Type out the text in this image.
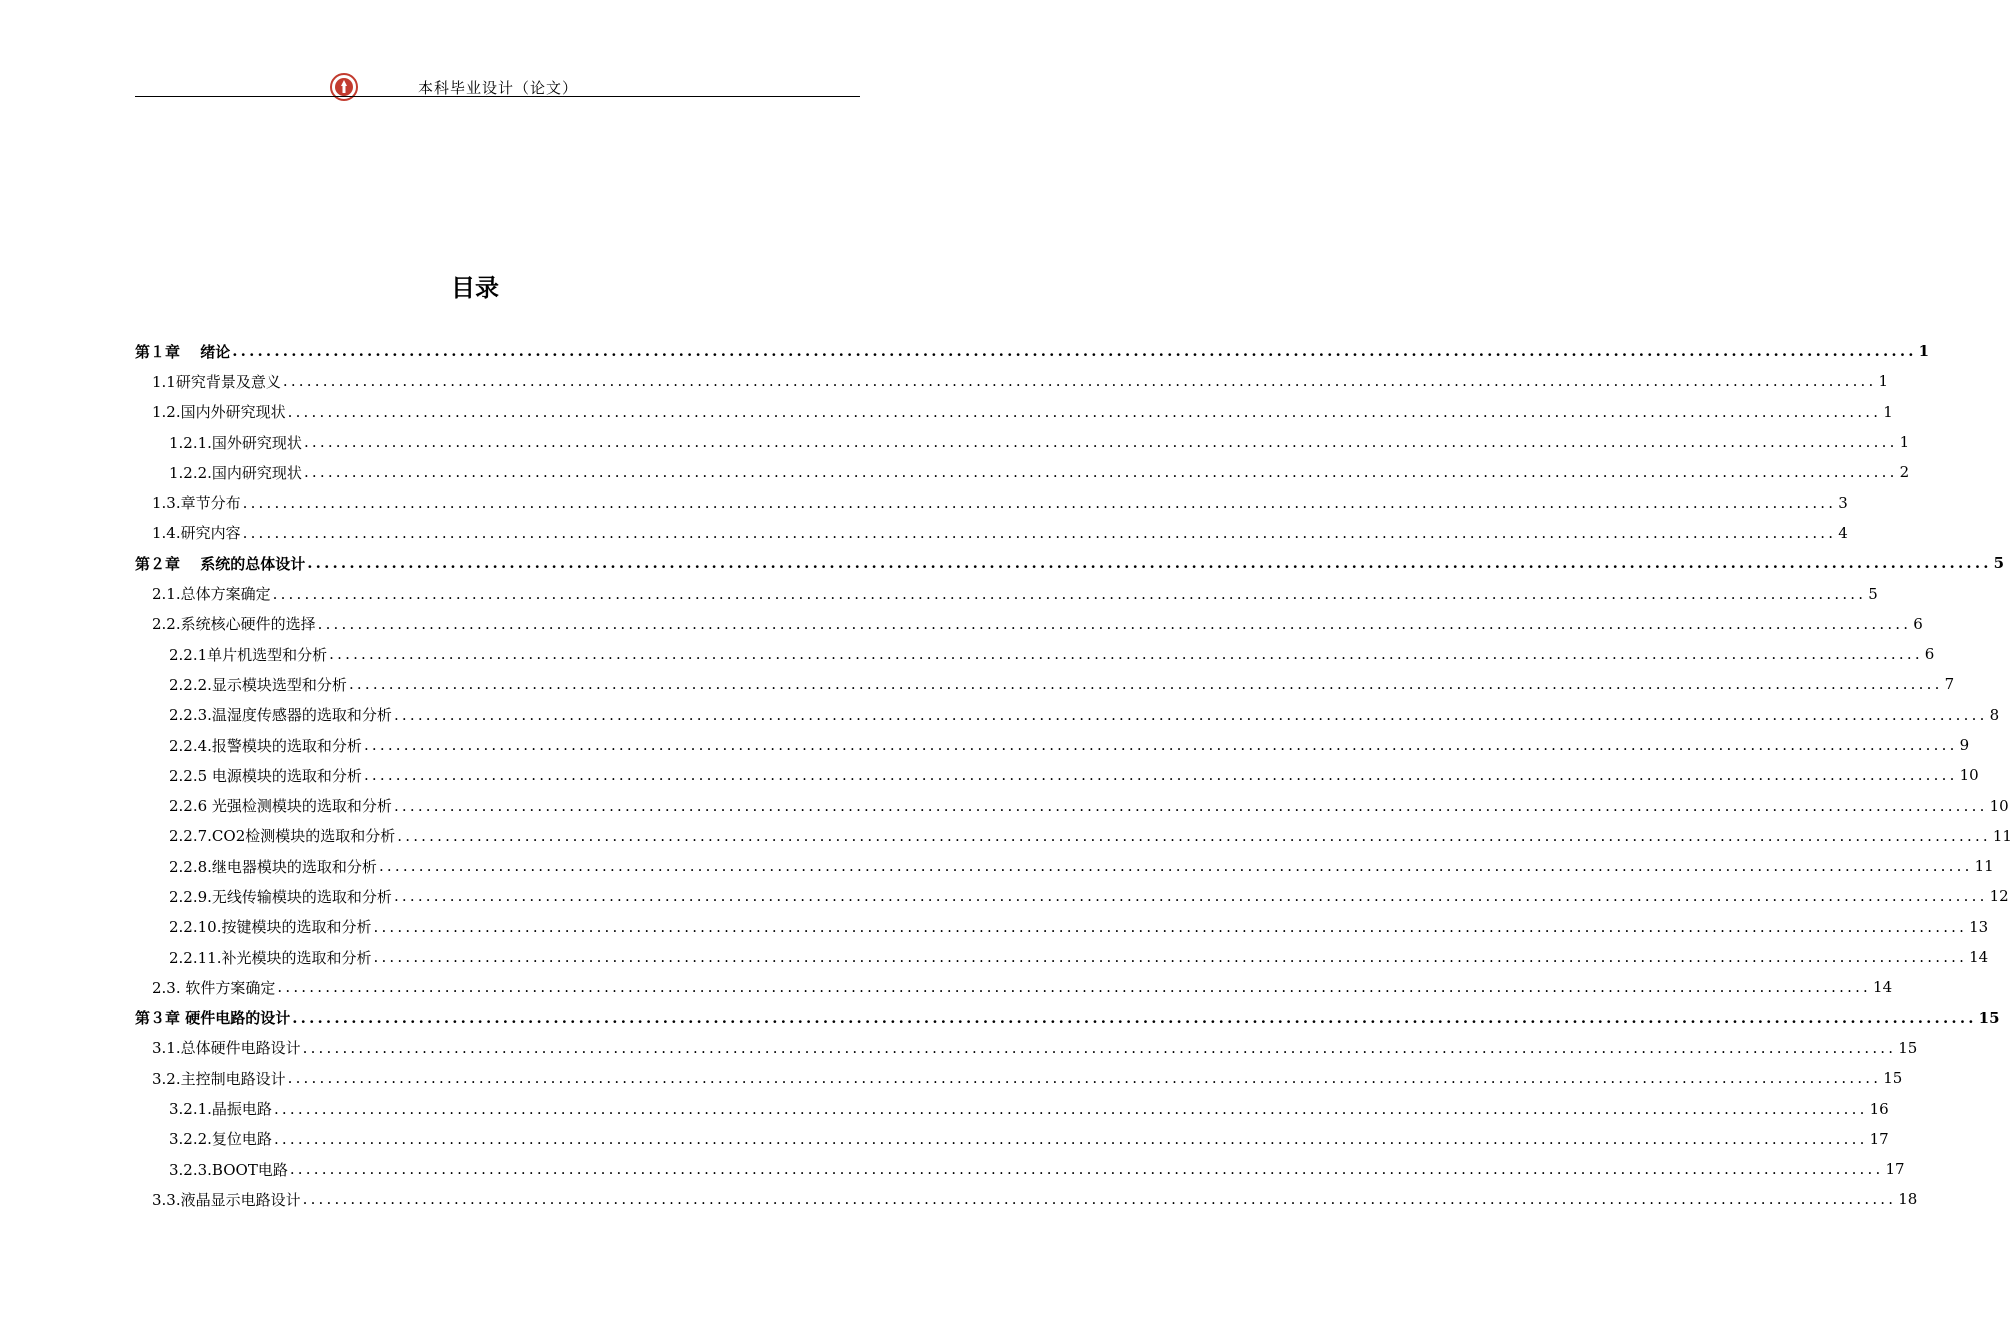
本科毕业设计（论文）
目录
第１章　 绪论 ........................................................................................................................................................................................................ 1
1.1研究背景及意义 ........................................................................................................................................................................................................ 1
1.2.国内外研究现状 ........................................................................................................................................................................................................ 1
1.2.1.国外研究现状 ........................................................................................................................................................................................................ 1
1.2.2.国内研究现状 ........................................................................................................................................................................................................ 2
1.3.章节分布 ........................................................................................................................................................................................................ 3
1.4.研究内容 ........................................................................................................................................................................................................ 4
第２章　 系统的总体设计 ........................................................................................................................................................................................................ 5
2.1.总体方案确定 ........................................................................................................................................................................................................ 5
2.2.系统核心硬件的选择 ........................................................................................................................................................................................................ 6
2.2.1单片机选型和分析 ........................................................................................................................................................................................................ 6
2.2.2.显示模块选型和分析 ........................................................................................................................................................................................................ 7
2.2.3.温湿度传感器的选取和分析 ........................................................................................................................................................................................................ 8
2.2.4.报警模块的选取和分析 ........................................................................................................................................................................................................ 9
2.2.5 电源模块的选取和分析 ........................................................................................................................................................................................................ 10
2.2.6 光强检测模块的选取和分析 ........................................................................................................................................................................................................ 10
2.2.7.CO2检测模块的选取和分析 ........................................................................................................................................................................................................ 11
2.2.8.继电器模块的选取和分析 ........................................................................................................................................................................................................ 11
2.2.9.无线传输模块的选取和分析 ........................................................................................................................................................................................................ 12
2.2.10.按键模块的选取和分析 ........................................................................................................................................................................................................ 13
2.2.11.补光模块的选取和分析 ........................................................................................................................................................................................................ 14
2.3. 软件方案确定 ........................................................................................................................................................................................................ 14
第３章 硬件电路的设计 ........................................................................................................................................................................................................ 15
3.1.总体硬件电路设计 ........................................................................................................................................................................................................ 15
3.2.主控制电路设计 ........................................................................................................................................................................................................ 15
3.2.1.晶振电路 ........................................................................................................................................................................................................ 16
3.2.2.复位电路 ........................................................................................................................................................................................................ 17
3.2.3.BOOT电路 ........................................................................................................................................................................................................ 17
3.3.液晶显示电路设计 ........................................................................................................................................................................................................ 18
